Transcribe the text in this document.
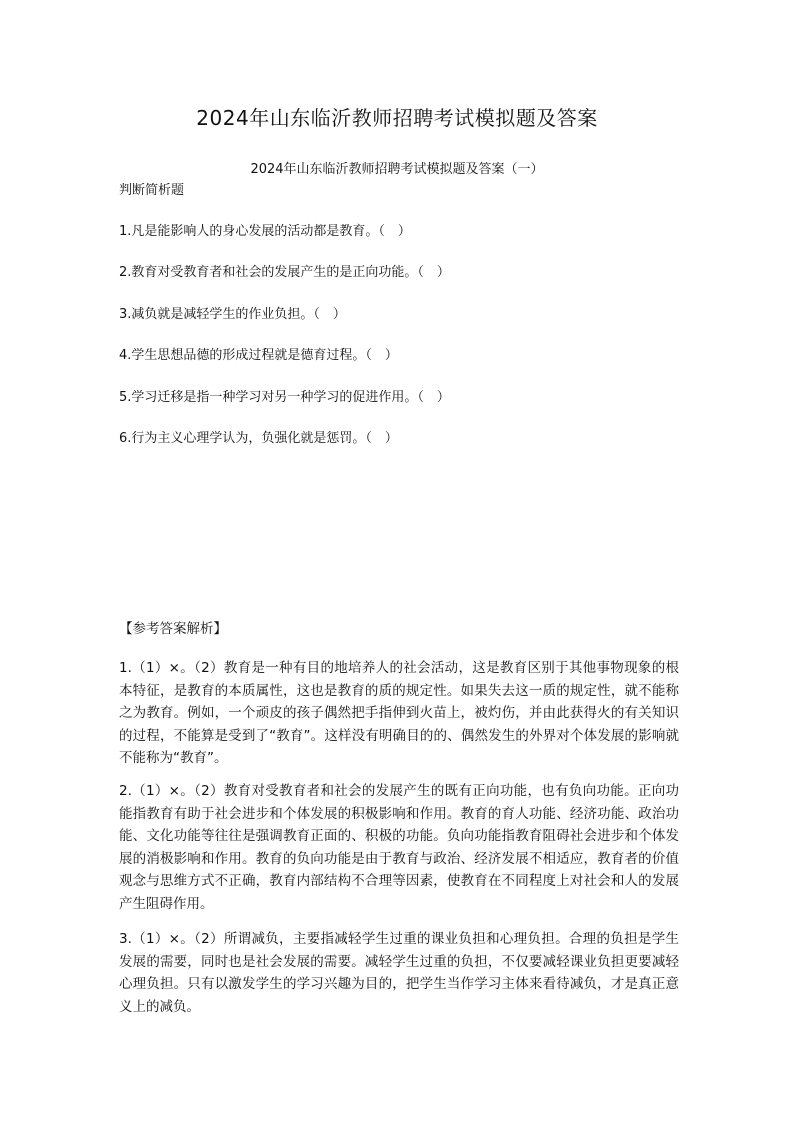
2024年山东临沂教师招聘考试模拟题及答案
2024年山东临沂教师招聘考试模拟题及答案（一）
判断简析题
1.凡是能影响人的身心发展的活动都是教育。（　）
2.教育对受教育者和社会的发展产生的是正向功能。（　）
3.减负就是减轻学生的作业负担。（　）
4.学生思想品德的形成过程就是德育过程。（　）
5.学习迁移是指一种学习对另一种学习的促进作用。（　）
6.行为主义心理学认为，负强化就是惩罚。（　）
【参考答案解析】
1.（1）×。（2）教育是一种有目的地培养人的社会活动，这是教育区别于其他事物现象的根本特征，是教育的本质属性，这也是教育的质的规定性。如果失去这一质的规定性，就不能称之为教育。例如，一个顽皮的孩子偶然把手指伸到火苗上，被灼伤，并由此获得火的有关知识的过程，不能算是受到了“教育”。这样没有明确目的的、偶然发生的外界对个体发展的影响就不能称为“教育”。
2.（1）×。（2）教育对受教育者和社会的发展产生的既有正向功能，也有负向功能。正向功能指教育有助于社会进步和个体发展的积极影响和作用。教育的育人功能、经济功能、政治功能、文化功能等往往是强调教育正面的、积极的功能。负向功能指教育阻碍社会进步和个体发展的消极影响和作用。教育的负向功能是由于教育与政治、经济发展不相适应，教育者的价值观念与思维方式不正确，教育内部结构不合理等因素，使教育在不同程度上对社会和人的发展产生阻碍作用。
3.（1）×。（2）所谓减负，主要指减轻学生过重的课业负担和心理负担。合理的负担是学生发展的需要，同时也是社会发展的需要。减轻学生过重的负担，不仅要减轻课业负担更要减轻心理负担。只有以激发学生的学习兴趣为目的，把学生当作学习主体来看待减负，才是真正意义上的减负。
